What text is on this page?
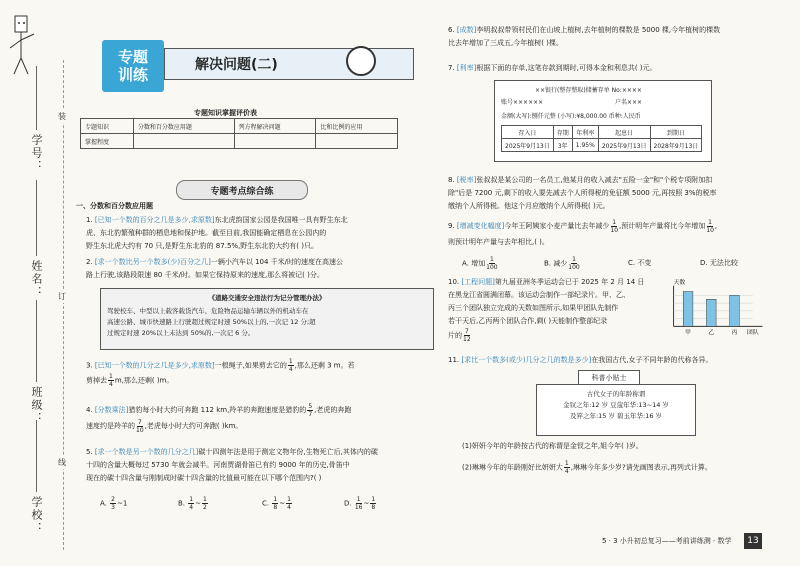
学号：
姓名：
班级：
学校：
装
订
线
专题
训练
解决问题(二)
专题知识掌握评价表
专题知识	分数和百分数应用题	列方程解决问题	比和比例的应用
掌握程度			
专题考点综合练
一、分数和百分数应用题
1. [已知一个数的百分之几是多少,求原数]东北虎韵国家公园是我国唯一具有野生东北
虎、东北豹繁殖种群的栖息地和保护地。截至目前,我国能确定栖息在公园内的
野生东北虎大约有 70 只,是野生东北豹的 87.5%,野生东北豹大约有( )只。
2. [求一个数比另一个数多(少)百分之几]一辆小汽车以 104 千米/时的速度在高速公
路上行驶,该路段限速 80 千米/时。如果它保持原来的速度,那么将被记( )分。
《道路交通安全违法行为记分管理办法》
驾驶校车、中型以上载客载货汽车、危险物品运输车辆以外的机动车在
高速公路、城市快速路上行驶超过规定时速 50%以上的,一次记 12 分;超
过规定时速 20%以上未达到 50%的,一次记 6 分。
3. [已知一个数的几分之几是多少,求原数]一根绳子,如果剪去它的 $\frac{1}{4}$ ,那么还剩 3 m。若
剪掉去 $\frac{1}{4} m$,那么还剩( )m。
4. [分数乘法]猎豹每小时大约可奔跑 112 km,羚羊的奔跑速度是猎豹的 $\frac{5}{7}$ ,老虎的奔跑
速度约是羚羊的 $\frac{7}{10}$ ,老虎每小时大约可奔跑( )km。
5. [求一个数是另一个数的几分之几]碳十四测年法是用于测定文物年份,生物死亡后,其体内的碳
十四的含量大概每过 5730 年就会减半。河南贾湖骨笛已有约 9000 年的历史,骨笛中
现在的碳十四含量与刚制成时碳十四含量的比值最可能在以下哪个范围内?( )
A. $\frac{2}{3}$ ~1	B. $\frac{1}{4}$ ~ $\frac{1}{2}$	C. $\frac{1}{8}$ ~ $\frac{1}{4}$	D. $\frac{1}{16}$ ~ $\frac{1}{8}$
6. [成数]李明叔叔带领村民们在山坡上植树,去年植树的棵数是 5000 棵,今年植树的棵数
比去年增加了三成五,今年植树( )棵。
7. [利率]根据下面的存单,这笔存款到期时,可得本金和利息共( )元。
××银行(整存整取)储蓄存单 No:××××
账号××××××	户名×××
金额(大写):捌仟元整 (小写):¥8,000.00 币种:人民币
存入日	存期	年利率	起息日	到期日
2025年9月13日	3年	1.95%	2025年9月13日	2028年9月13日
8. [税率]张叔叔是某公司的一名员工,他某月的收入减去"五险一金"和"个税专项附加扣
除"后是 7200 元,剩下的收入要先减去个人所得税的免征额 5000 元,再按照 3%的税率
缴纳个人所得税。他这个月应缴纳个人所得税( )元。
9. [增减变化幅度]今年王阿姨家小麦产量比去年减少 $\frac{1}{10}$ ,预计明年产量将比今年增加 $\frac{1}{10}$ ,
则预计明年产量与去年相比,( )。
A. 增加 $\frac{1}{100}$	B. 减少 $\frac{1}{100}$	C. 不变	D. 无法比较
10. [工程问题]第九届亚洲冬季运动会已于 2025 年 2 月 14 日
在黑龙江省圆满闭幕。该运动会制作一部纪录片。甲、乙、
丙三个团队独立完成的天数如图所示,如果甲团队先制作
若干天后,乙丙两个团队合作,剩( )天能制作整部纪录
片的 $\frac{7}{12}$
天数
甲	乙	丙 团队
11. [求比一个数多(或少)几分之几的数是多少]在我国古代,女子不同年龄的代称各异。
科普小贴士
古代女子的年龄称谓
金钗之年:12 岁 豆蔻年华:13~14 岁
及笄之年:15 岁 碧玉年华:16 岁
(1)妍妍今年的年龄按古代的称谓是金钗之年,姐今年( )岁。
(2)琳琳今年的年龄刚好比妍妍大 $\frac{1}{4}$ ,琳琳今年多少岁?请先画图表示,再列式计算。
5 · 3 小升初总复习——考前讲练测 · 数学	13
